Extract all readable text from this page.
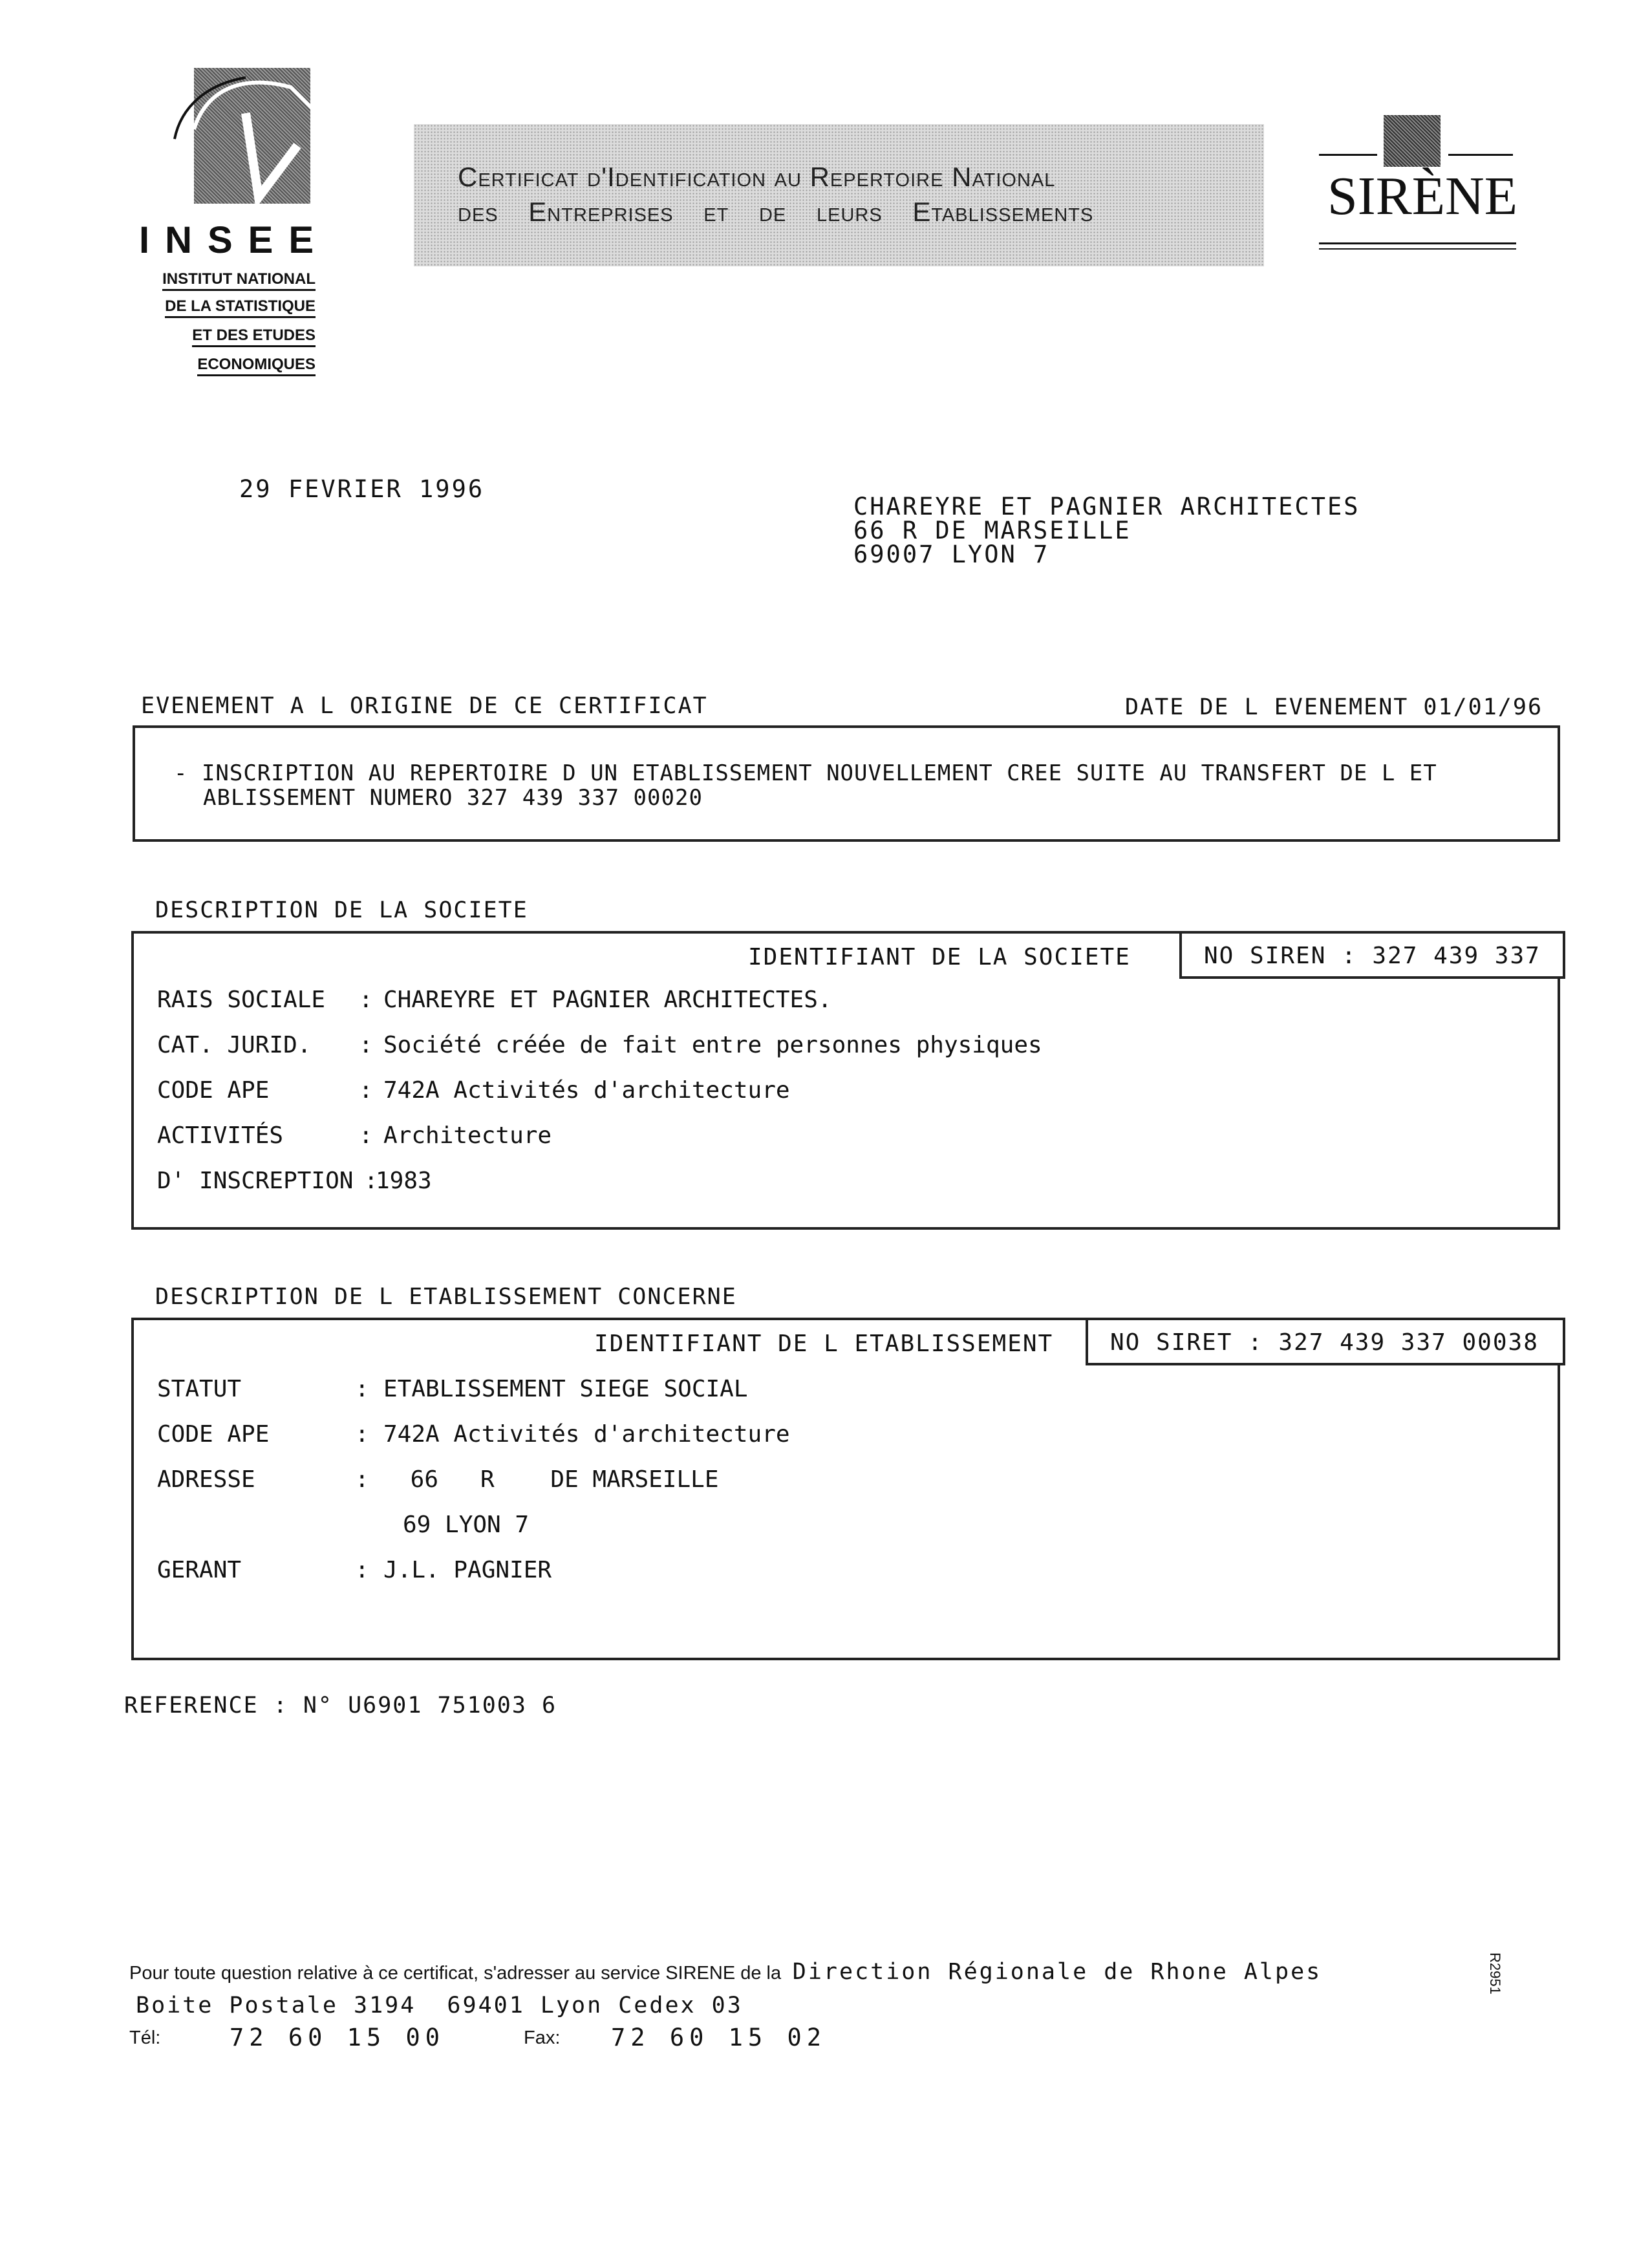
INSEE
INSTITUT NATIONAL
DE LA STATISTIQUE
ET DES ETUDES
ECONOMIQUES
Certificat d'Identification au Repertoire National
des Entreprises et de leurs Etablissements	SIRÈNE
29 FEVRIER 1996
CHAREYRE ET PAGNIER ARCHITECTES
66 R DE MARSEILLE
69007 LYON 7
EVENEMENT A L ORIGINE DE CE CERTIFICAT	DATE DE L EVENEMENT 01/01/96
- INSCRIPTION AU REPERTOIRE D UN ETABLISSEMENT NOUVELLEMENT CREE SUITE AU TRANSFERT DE L ET
ABLISSEMENT NUMERO 327 439 337 00020
DESCRIPTION DE LA SOCIETE
IDENTIFIANT DE LA SOCIETE	NO SIREN : 327 439 337
RAIS SOCIALE : CHAREYRE ET PAGNIER ARCHITECTES.
CAT. JURID. : Société créée de fait entre personnes physiques
CODE APE	: 742A Activités d'architecture
ACTIVITÉS	: Architecture
D' INSCREPTION :
1983
DESCRIPTION DE L ETABLISSEMENT CONCERNE
IDENTIFIANT DE L ETABLISSEMENT NO SIRET : 327 439 337 00038
STATUT	: ETABLISSEMENT SIEGE SOCIAL
CODE APE	: 742A Activités d'architecture
ADRESSE	: 66   R    DE MARSEILLE
69 LYON 7
GERANT	: J.L. PAGNIER
REFERENCE : N° U6901 751003 6
R2951
Pour toute question relative à ce certificat, s'adresser au service SIRENE de la Direction Régionale de Rhone Alpes
Boite Postale 3194  69401 Lyon Cedex 03
Tél:	72 60 15 00	Fax: 72 60 15 02
